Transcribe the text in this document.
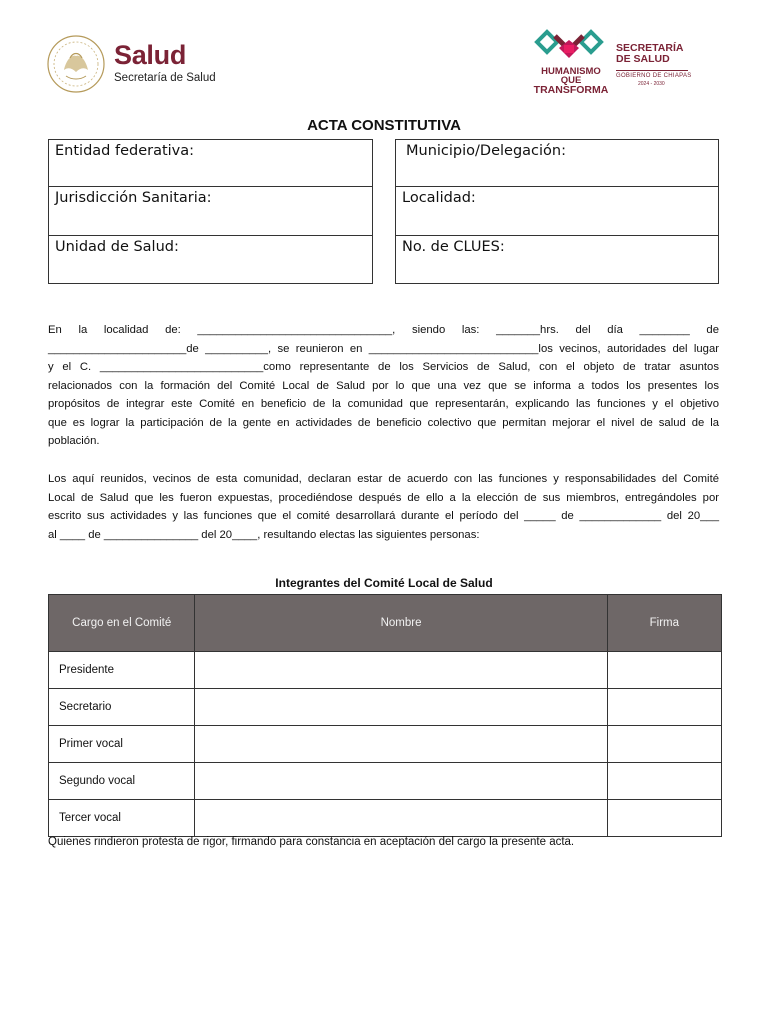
Salud
Secretaría de Salud
HUMANISMO QUE
TRANSFORMA
SECRETARÍA
DE SALUD
GOBIERNO DE CHIAPAS
2024 - 2030
ACTA CONSTITUTIVA
Entidad federativa:	Municipio/Delegación:
Jurisdicción Sanitaria:	Localidad:
Unidad de Salud:	No. de CLUES:
En la localidad de: _______________________________, siendo las: _______hrs. del día ________ de
______________________de __________, se reunieron en ___________________________los vecinos, autoridades del lugar
y el C. __________________________como representante de los Servicios de Salud, con el objeto de tratar asuntos
relacionados con la formación del Comité Local de Salud por lo que una vez que se informa a todos los presentes los
propósitos de integrar este Comité en beneficio de la comunidad que representarán, explicando las funciones y el objetivo
que es lograr la participación de la gente en actividades de beneficio colectivo que permitan mejorar el nivel de salud de la
población.
Los aquí reunidos, vecinos de esta comunidad, declaran estar de acuerdo con las funciones y responsabilidades del Comité
Local de Salud que les fueron expuestas, procediéndose después de ello a la elección de sus miembros, entregándoles por
escrito sus actividades y las funciones que el comité desarrollará durante el período del _____ de _____________ del 20___
al ____ de _______________ del 20____, resultando electas las siguientes personas:
Integrantes del Comité Local de Salud
Cargo en el Comité	Nombre	Firma
Presidente		
Secretario		
Primer vocal		
Segundo vocal		
Tercer vocal		
Quienes rindieron protesta de rigor, firmando para constancia en aceptación del cargo la presente acta.
